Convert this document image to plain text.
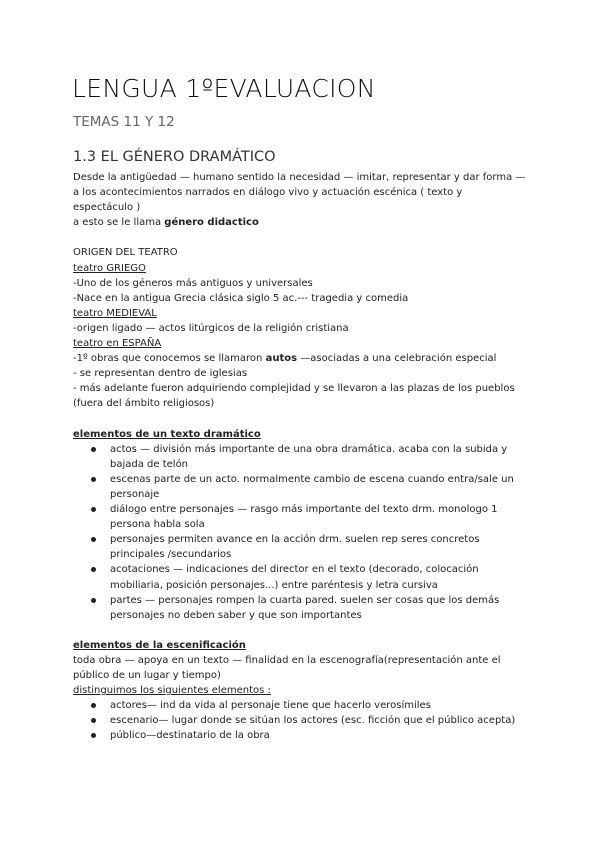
LENGUA 1ºEVALUACION
TEMAS 11 Y 12
1.3 EL GÉNERO DRAMÁTICO

Desde la antigüedad — humano sentido la necesidad — imitar, representar y dar forma —

a los acontecimientos narrados en diálogo vivo y actuación escénica ( texto y

espectáculo )

a esto se le llama género didactico

ORIGEN DEL TEATRO

teatro GRIEGO

-Uno de los géneros más antiguos y universales

-Nace en la antigua Grecia clásica siglo 5 ac.--- tragedia y comedia

teatro MEDIEVAL

-origen ligado — actos litúrgicos de la religión cristiana

teatro en ESPAÑA

-1º obras que conocemos se llamaron autos —asociadas a una celebración especial

- se representan dentro de iglesias

- más adelante fueron adquiriendo complejidad y se llevaron a las plazas de los pueblos

(fuera del ámbito religiosos)

elementos de un texto dramático

actos — división más importante de una obra dramática. acaba con la subida y
bajada de telón
escenas parte de un acto. normalmente cambio de escena cuando entra/sale un
personaje
diálogo entre personajes — rasgo más importante del texto drm. monologo 1
persona habla sola
personajes permiten avance en la acción drm. suelen rep seres concretos
principales /secundarios
acotaciones — indicaciones del director en el texto (decorado, colocación
mobiliaria, posición personajes...) entre paréntesis y letra cursiva
partes — personajes rompen la cuarta pared. suelen ser cosas que los demás
personajes no deben saber y que son importantes

elementos de la escenificación

toda obra — apoya en un texto — finalidad en la escenografía(representación ante el

público de un lugar y tiempo)

distinguimos los siguientes elementos :

actores— ind da vida al personaje tiene que hacerlo verosímiles
escenario— lugar donde se sitúan los actores (esc. ficción que el público acepta)
público—destinatario de la obra
